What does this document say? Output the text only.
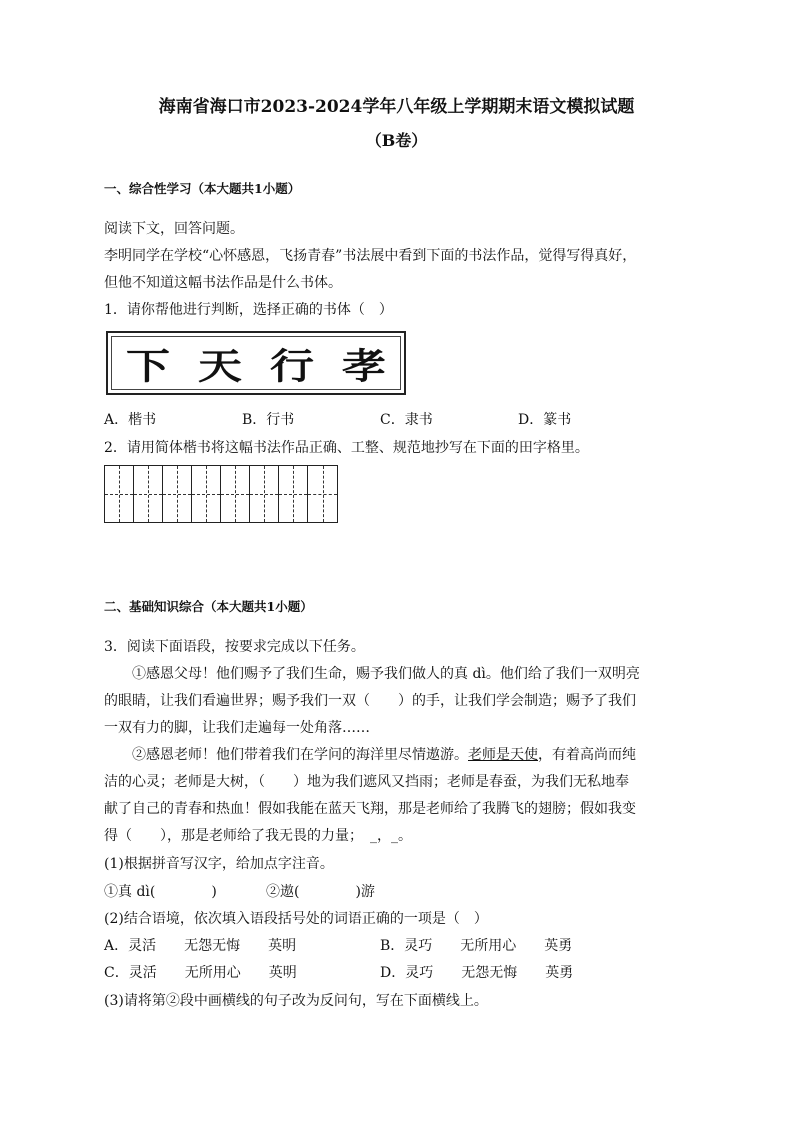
海南省海口市2023-2024学年八年级上学期期末语文模拟试题
（B卷）
一、综合性学习（本大题共1小题）
阅读下文，回答问题。
李明同学在学校“心怀感恩，飞扬青春”书法展中看到下面的书法作品，觉得写得真好，
但他不知道这幅书法作品是什么书体。
1．请你帮他进行判断，选择正确的书体（　）
下 天 行 孝
A．楷书	B．行书	C．隶书	D．篆书
2．请用简体楷书将这幅书法作品正确、工整、规范地抄写在下面的田字格里。
二、基础知识综合（本大题共1小题）
3．阅读下面语段，按要求完成以下任务。
①感恩父母！他们赐予了我们生命，赐予我们做人的真 dì。他们给了我们一双明亮
的眼睛，让我们看遍世界；赐予我们一双（　　）的手，让我们学会制造；赐予了我们
一双有力的脚，让我们走遍每一处角落……
②感恩老师！他们带着我们在学问的海洋里尽情遨游。老师是天使，有着高尚而纯
洁的心灵；老师是大树，（　　）地为我们遮风又挡雨；老师是春蚕，为我们无私地奉
献了自己的青春和热血！假如我能在蓝天飞翔，那是老师给了我腾飞的翅膀；假如我变
得（　　），那是老师给了我无畏的力量；　_，_。
(1)根据拼音写汉字，给加点字注音。
①真 dì(　　　　)	②遨(　　　　)游
(2)结合语境，依次填入语段括号处的词语正确的一项是（　）
A．灵活　　无怨无悔　　英明	B．灵巧　　无所用心　　英勇
C．灵活　　无所用心　　英明	D．灵巧　　无怨无悔　　英勇
(3)请将第②段中画横线的句子改为反问句，写在下面横线上。
